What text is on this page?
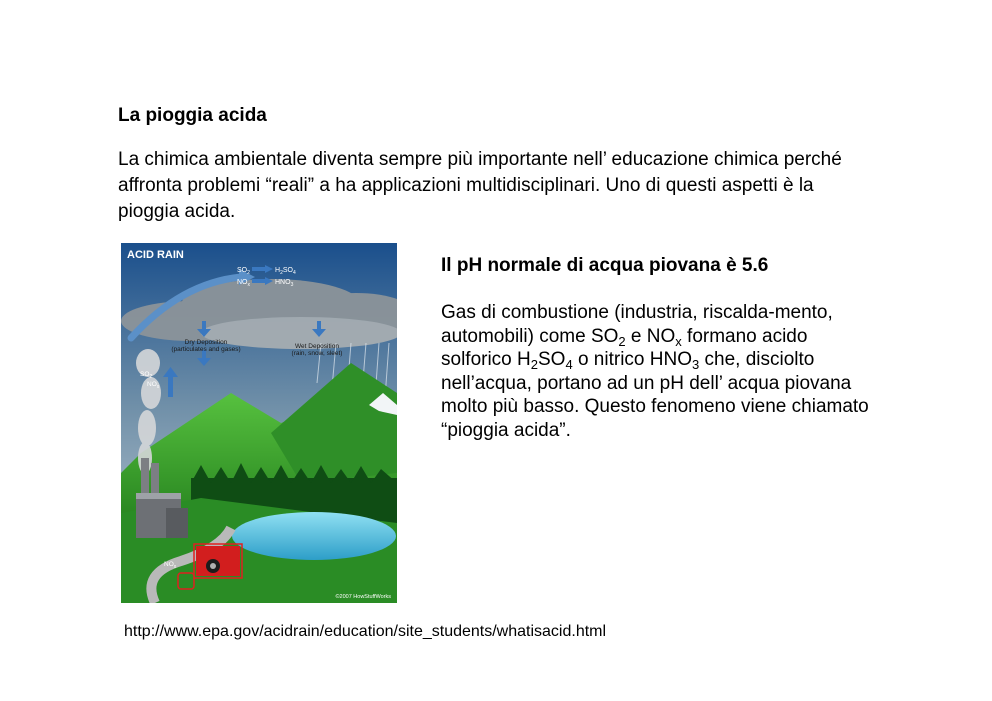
La pioggia acida
La chimica ambientale diventa sempre più importante nell’ educazione chimica perché affronta problemi “reali” a ha applicazioni multidisciplinari. Uno di questi aspetti è la pioggia acida.
ACID RAIN
$SO_2$	$H_2SO_4$
$NO_x$	$HNO_3$
Dry Deposition
(particulates and gases)	Wet Deposition
(rain, snow, sleet)
$SO_2$
$NO_x$
$NO_x$
©2007 HowStuffWorks
Il pH normale di acqua piovana è 5.6
Gas di combustione (industria, riscalda-mento, automobili) come $SO_2$ e $NO_x$ formano acido solforico $H_2SO_4$ o nitrico $HNO_3$ che, disciolto nell’acqua, portano ad un pH dell’ acqua piovana molto più basso. Questo fenomeno viene chiamato “pioggia acida”.
http://www.epa.gov/acidrain/education/site_students/whatisacid.html
